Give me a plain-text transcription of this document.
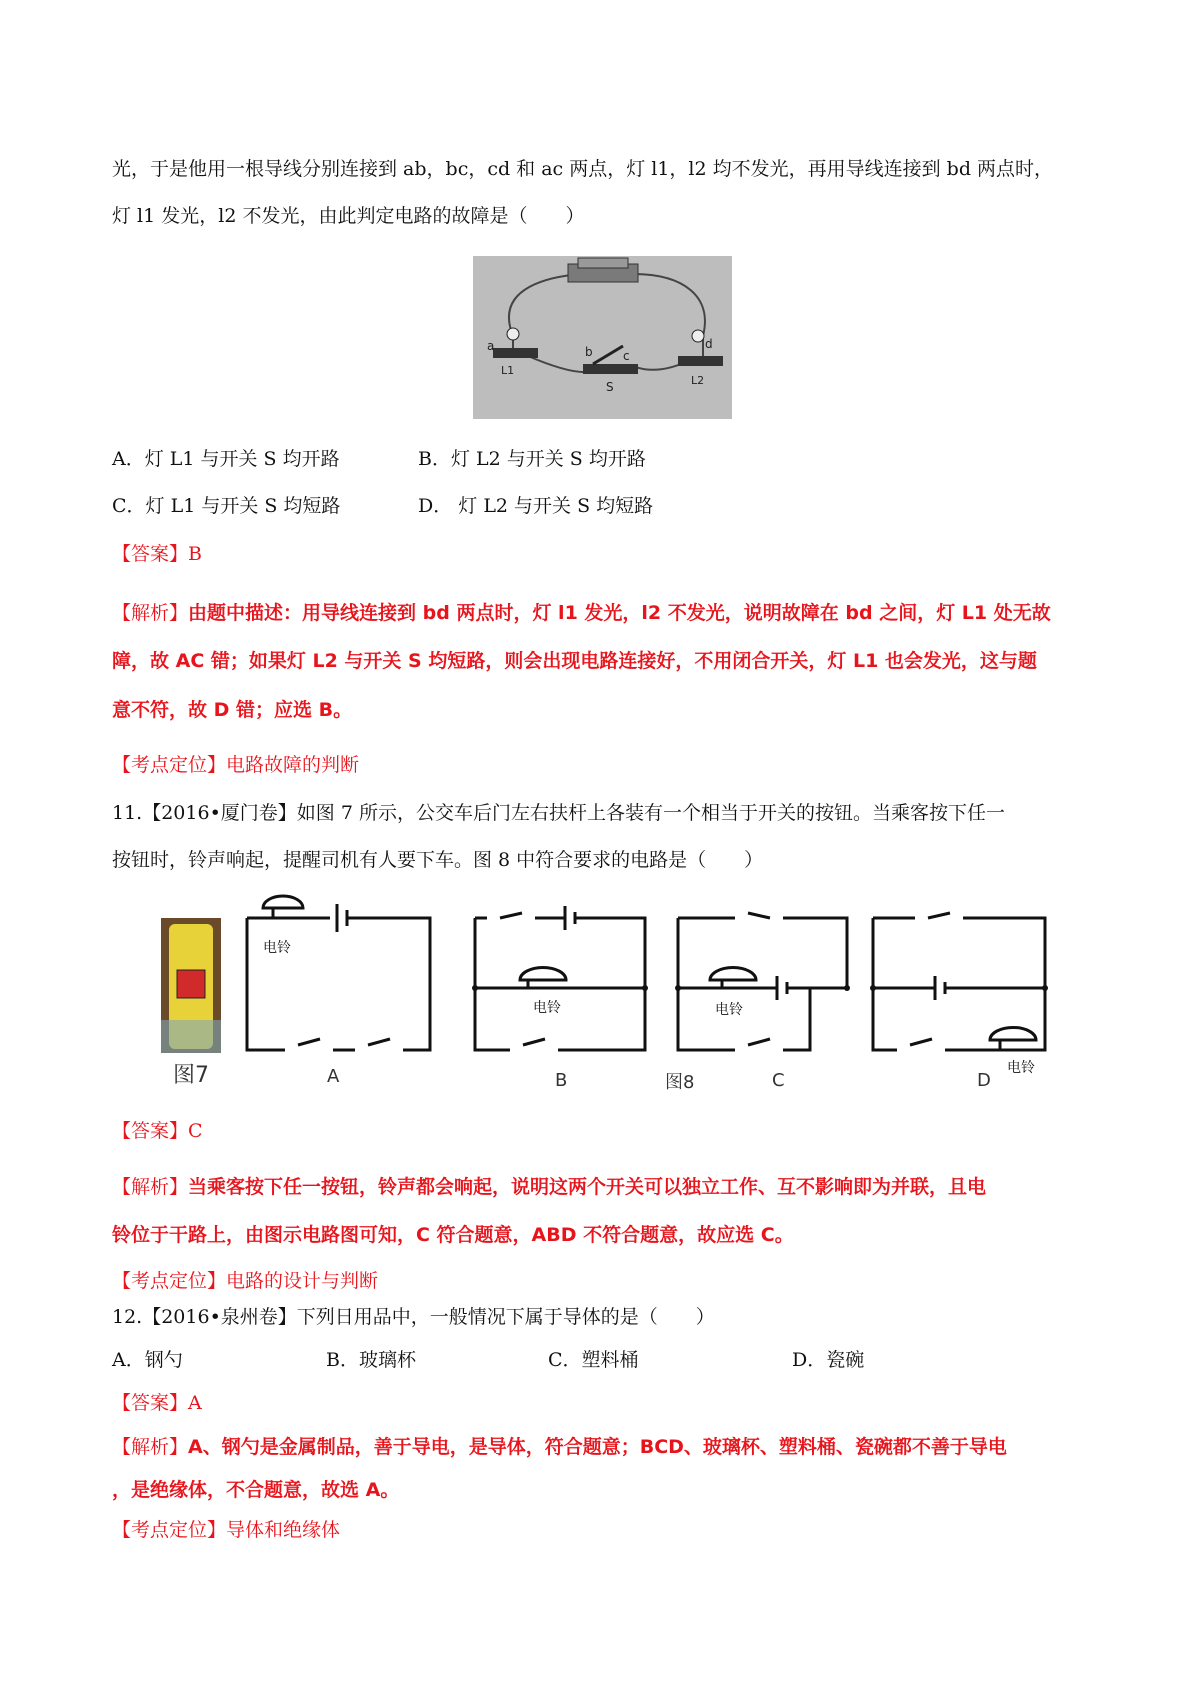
光，于是他用一根导线分别连接到 ab，bc，cd 和 ac 两点，灯 l1，l2 均不发光，再用导线连接到 bd 两点时，
灯 l1 发光，l2 不发光，由此判定电路的故障是（　　）
a	b	c
d
L1
S	L2
A．灯 L1 与开关 S 均开路	B．灯 L2 与开关 S 均开路
C．灯 L1 与开关 S 均短路	D． 灯 L2 与开关 S 均短路
【答案】B
【解析】由题中描述：用导线连接到 bd 两点时，灯 l1 发光，l2 不发光，说明故障在 bd 之间，灯 L1 处无故
障，故 AC 错；如果灯 L2 与开关 S 均短路，则会出现电路连接好，不用闭合开关，灯 L1 也会发光，这与题
意不符，故 D 错；应选 B。
【考点定位】电路故障的判断
11.【2016•厦门卷】如图 7 所示，公交车后门左右扶杆上各装有一个相当于开关的按钮。当乘客按下任一
按钮时，铃声响起，提醒司机有人要下车。图 8 中符合要求的电路是（　　）
图7
电铃
电铃	电铃
电铃
A	B	图8	C	D
【答案】C
【解析】当乘客按下任一按钮，铃声都会响起，说明这两个开关可以独立工作、互不影响即为并联，且电
铃位于干路上，由图示电路图可知，C 符合题意，ABD 不符合题意，故应选 C。
【考点定位】电路的设计与判断
12.【2016•泉州卷】下列日用品中，一般情况下属于导体的是（　　）
A．钢勺	B．玻璃杯	C．塑料桶	D．瓷碗
【答案】A
【解析】A、钢勺是金属制品，善于导电，是导体，符合题意；BCD、玻璃杯、塑料桶、瓷碗都不善于导电
，是绝缘体，不合题意，故选 A。
【考点定位】导体和绝缘体
